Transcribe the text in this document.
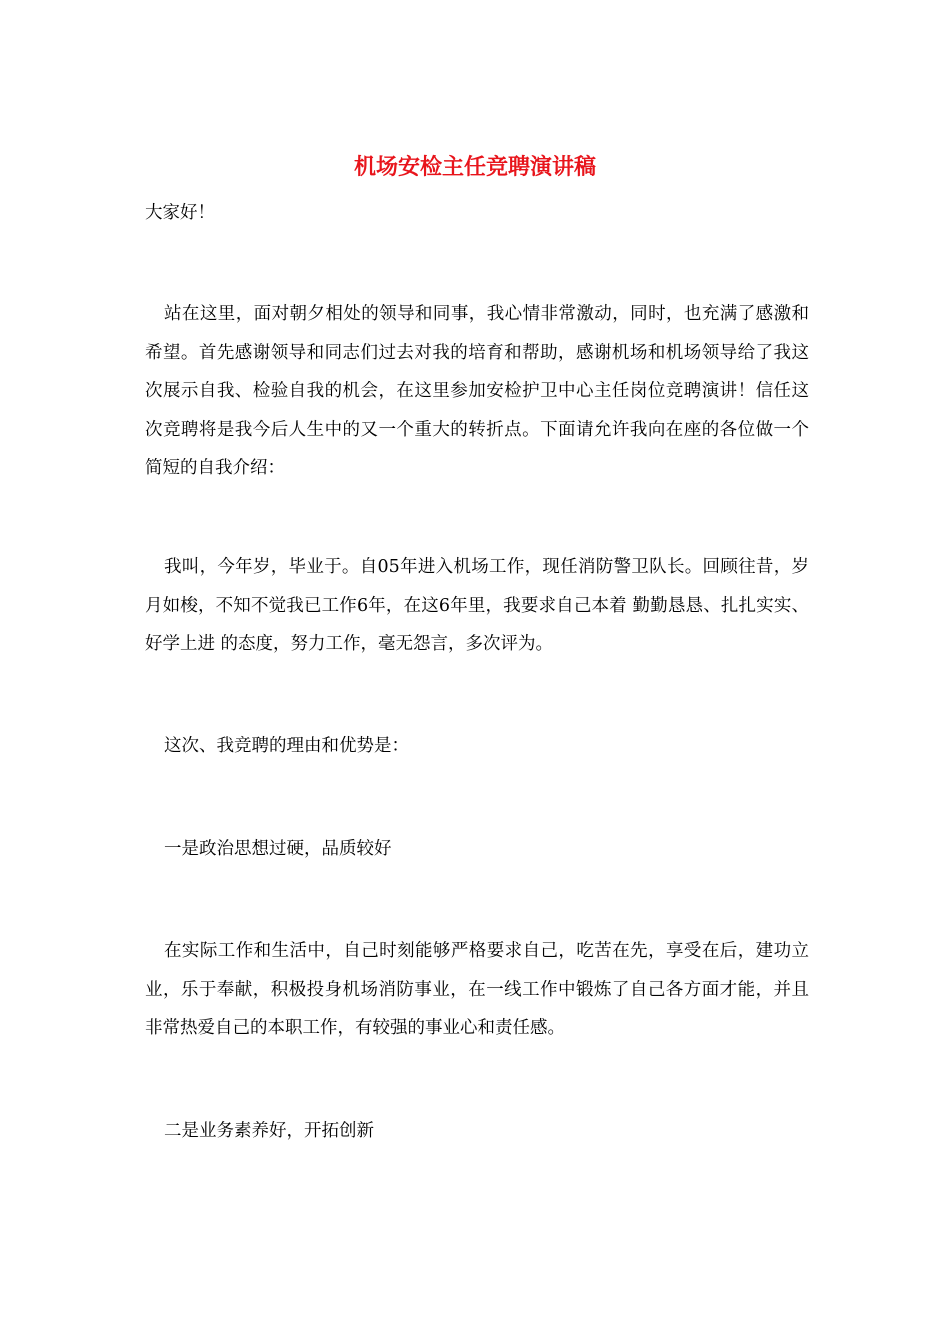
机场安检主任竞聘演讲稿

大家好！

站在这里，面对朝夕相处的领导和同事，我心情非常激动，同时，也充满了感激和希望。首先感谢领导和同志们过去对我的培育和帮助，感谢机场和机场领导给了我这次展示自我、检验自我的机会，在这里参加安检护卫中心主任岗位竞聘演讲！信任这次竞聘将是我今后人生中的又一个重大的转折点。下面请允许我向在座的各位做一个简短的自我介绍：

我叫，今年岁，毕业于。自05年进入机场工作，现任消防警卫队长。回顾往昔，岁月如梭，不知不觉我已工作6年，在这6年里，我要求自己本着 勤勤恳恳、扎扎实实、好学上进 的态度，努力工作，毫无怨言，多次评为。

这次、我竞聘的理由和优势是：

一是政治思想过硬，品质较好

在实际工作和生活中，自己时刻能够严格要求自己，吃苦在先，享受在后，建功立业，乐于奉献，积极投身机场消防事业，在一线工作中锻炼了自己各方面才能，并且非常热爱自己的本职工作，有较强的事业心和责任感。

二是业务素养好，开拓创新
